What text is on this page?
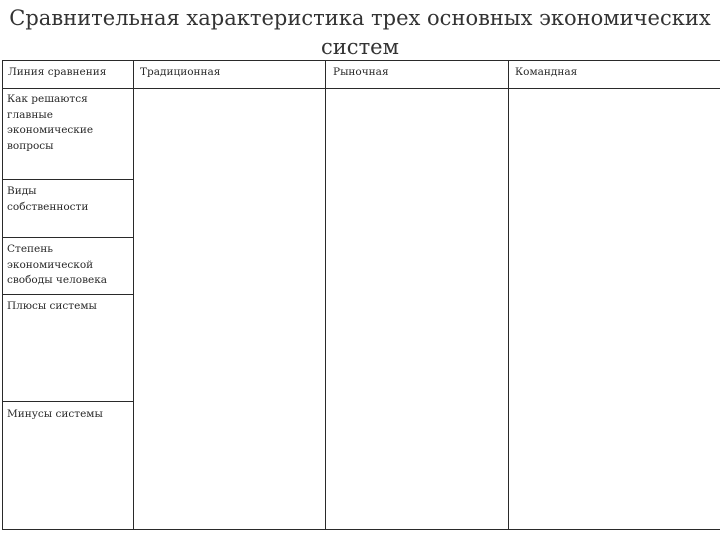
Сравнительная характеристика трех основных экономических систем
Линия сравнения	Традиционная	Рыночная	Командная
Как решаются главные экономические вопросы
Виды собственности
Степень экономической свободы человека
Плюсы системы
Минусы системы
